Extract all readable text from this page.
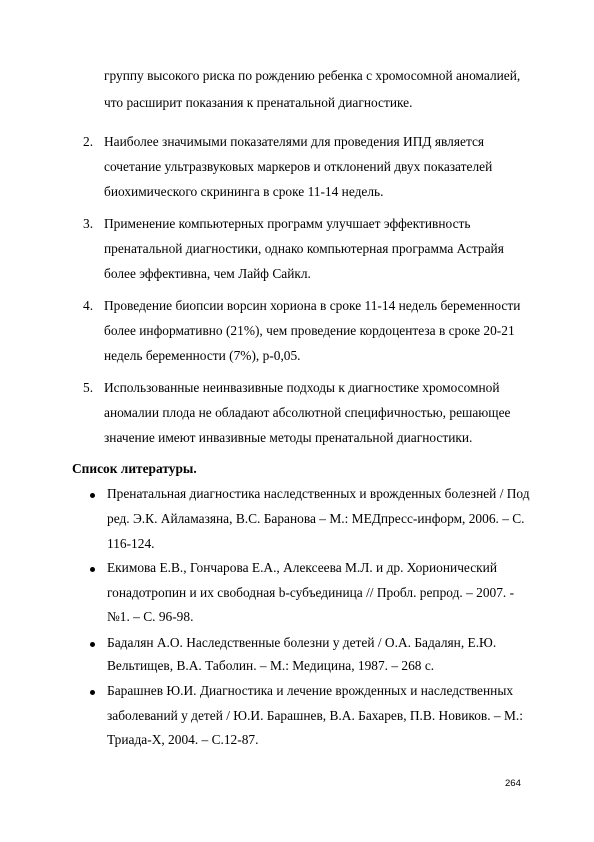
группу высокого риска по рождению ребенка с хромосомной аномалией,
что расширит показания к пренатальной диагностике.
2. Наиболее значимыми показателями для проведения ИПД является
сочетание ультразвуковых маркеров и отклонений двух показателей
биохимического скрининга в сроке 11-14 недель.
3. Применение компьютерных программ улучшает эффективность
пренатальной диагностики, однако компьютерная программа Астрайя
более эффективна, чем Лайф Сайкл.
4. Проведение биопсии ворсин хориона в сроке 11-14 недель беременности
более информативно (21%), чем проведение кордоцентеза в сроке 20-21
недель беременности (7%), р-0,05.
5. Использованные неинвазивные подходы к диагностике хромосомной
аномалии плода не обладают абсолютной специфичностью, решающее
значение имеют инвазивные методы пренатальной диагностики.
Список литературы.
Пренатальная диагностика наследственных и врожденных болезней / Под
ред. Э.К. Айламазяна, В.С. Баранова – М.: МЕДпресс-информ, 2006. – С.
116-124.
Екимова Е.В., Гончарова Е.А., Алексеева М.Л. и др. Хорионический
гонадотропин и их свободная b-субъединица // Пробл. репрод. – 2007. -
№1. – С. 96-98.
Бадалян А.О. Наследственные болезни у детей / О.А. Бадалян, Е.Ю.
Вельтищев, В.А. Таболин. – М.: Медицина, 1987. – 268 с.
Барашнев Ю.И. Диагностика и лечение врожденных и наследственных
заболеваний у детей / Ю.И. Барашнев, В.А. Бахарев, П.В. Новиков. – М.:
Триада-Х, 2004. – С.12-87.
264
